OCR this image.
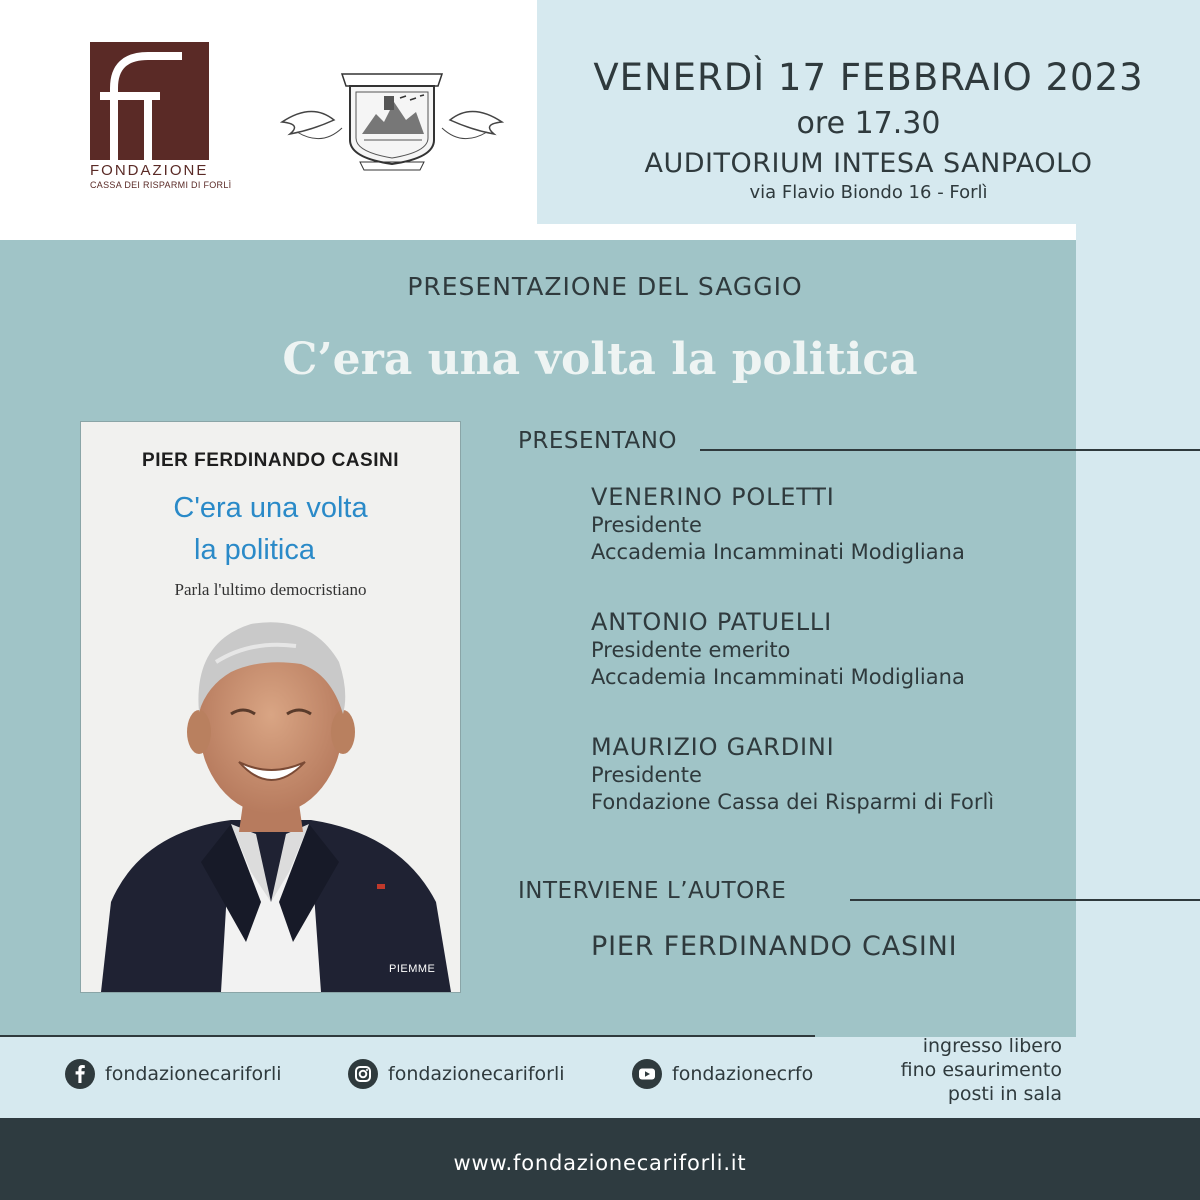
FONDAZIONE
CASSA DEI RISPARMI DI FORLÌ
VENERDÌ 17 FEBBRAIO 2023
ore 17.30
AUDITORIUM INTESA SANPAOLO
via Flavio Biondo 16 - Forlì
PRESENTAZIONE DEL SAGGIO
C’era una volta la politica
PIER FERDINANDO CASINI
C'era una volta
la politica
Parla l'ultimo democristiano
PIEMME
PRESENTANO
VENERINO POLETTI
Presidente
Accademia Incamminati Modigliana
ANTONIO PATUELLI
Presidente emerito
Accademia Incamminati Modigliana
MAURIZIO GARDINI
Presidente
Fondazione Cassa dei Risparmi di Forlì
INTERVIENE L’AUTORE
PIER FERDINANDO CASINI
fondazionecariforli	fondazionecariforli	fondazionecrfo
ingresso libero
fino esaurimento
posti in sala
www.fondazionecariforli.it
